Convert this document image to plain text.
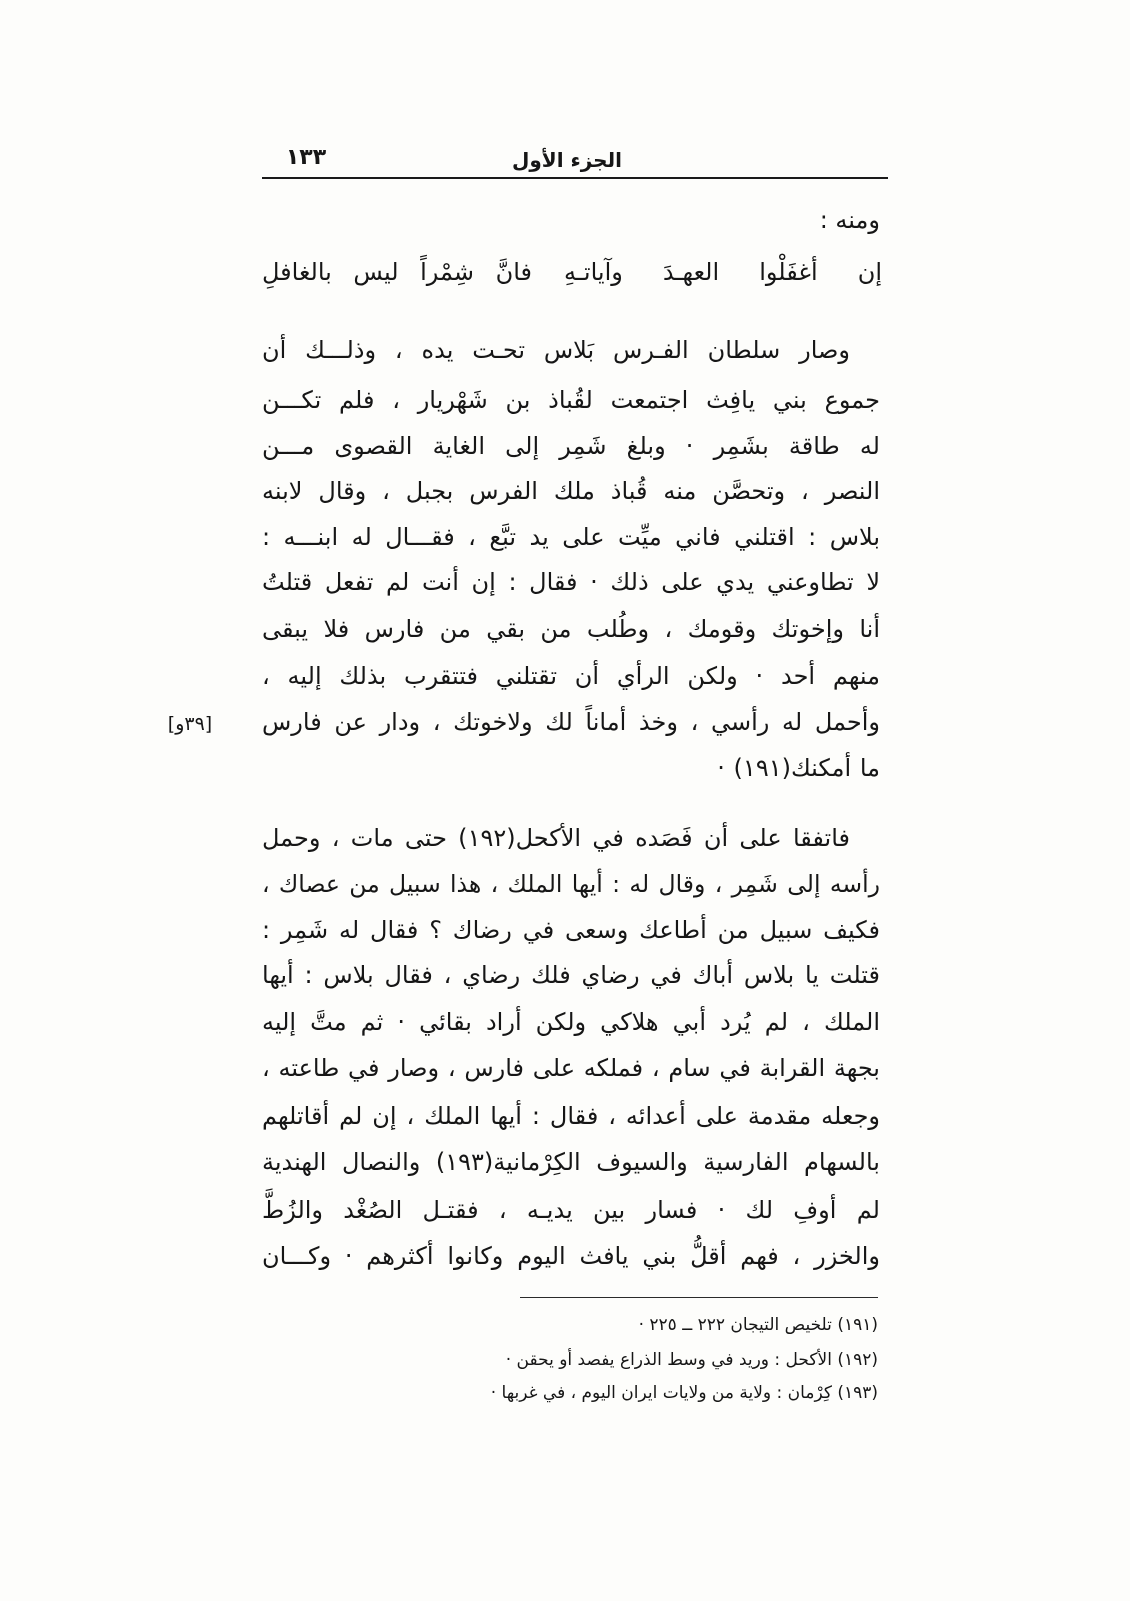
الجزء الأول
١٣٣
ومنه :
إن أغفَلْوا العهـدَ وآياتـهِ
فانَّ شِمْراً ليس بالغافلِ
وصار سلطان الفـرس بَلاس تحـت يده ، وذلـــك أن
جموع بني يافِث اجتمعت لقُباذ بن شَهْريار ، فلم تكـــن
له طاقة بشَمِر · وبلغ شَمِر إلى الغاية القصوى مـــن
النصر ، وتحصَّن منه قُباذ ملك الفرس بجبل ، وقال لابنه
بلاس : اقتلني فاني ميِّت على يد تبَّع ، فقـــال له ابنـــه :
لا تطاوعني يدي على ذلك · فقال : إن أنت لم تفعل قتلتُ
أنا وإخوتك وقومك ، وطُلب من بقي من فارس فلا يبقى
منهم أحد · ولكن الرأي أن تقتلني فتتقرب بذلك إليه ،
وأحمل له رأسي ، وخذ أماناً لك ولاخوتك ، ودار عن فارس
ما أمكنك(١٩١) ·
[٣٩و]
فاتفقا على أن فَصَده في الأكحل(١٩٢) حتى مات ، وحمل
رأسه إلى شَمِر ، وقال له : أيها الملك ، هذا سبيل من عصاك ،
فكيف سبيل من أطاعك وسعى في رضاك ؟ فقال له شَمِر :
قتلت يا بلاس أباك في رضاي فلك رضاي ، فقال بلاس : أيها
الملك ، لم يُرد أبي هلاكي ولكن أراد بقائي · ثم متَّ إليه
بجهة القرابة في سام ، فملكه على فارس ، وصار في طاعته ،
وجعله مقدمة على أعدائه ، فقال : أيها الملك ، إن لم أقاتلهم
بالسهام الفارسية والسيوف الكِرْمانية(١٩٣) والنصال الهندية
لم أوفِ لك · فسار بين يديـه ، فقتـل الصُغْد والزُطَّ
والخزر ، فهم أقلُّ بني يافث اليوم وكانوا أكثرهم · وكـــان
(١٩١) تلخيص التيجان ٢٢٢ ــ ٢٢٥ ·
(١٩٢) الأكحل : وريد في وسط الذراع يفصد أو يحقن ·
(١٩٣) كِرْمان : ولاية من ولايات ايران اليوم ، في غربها ·
